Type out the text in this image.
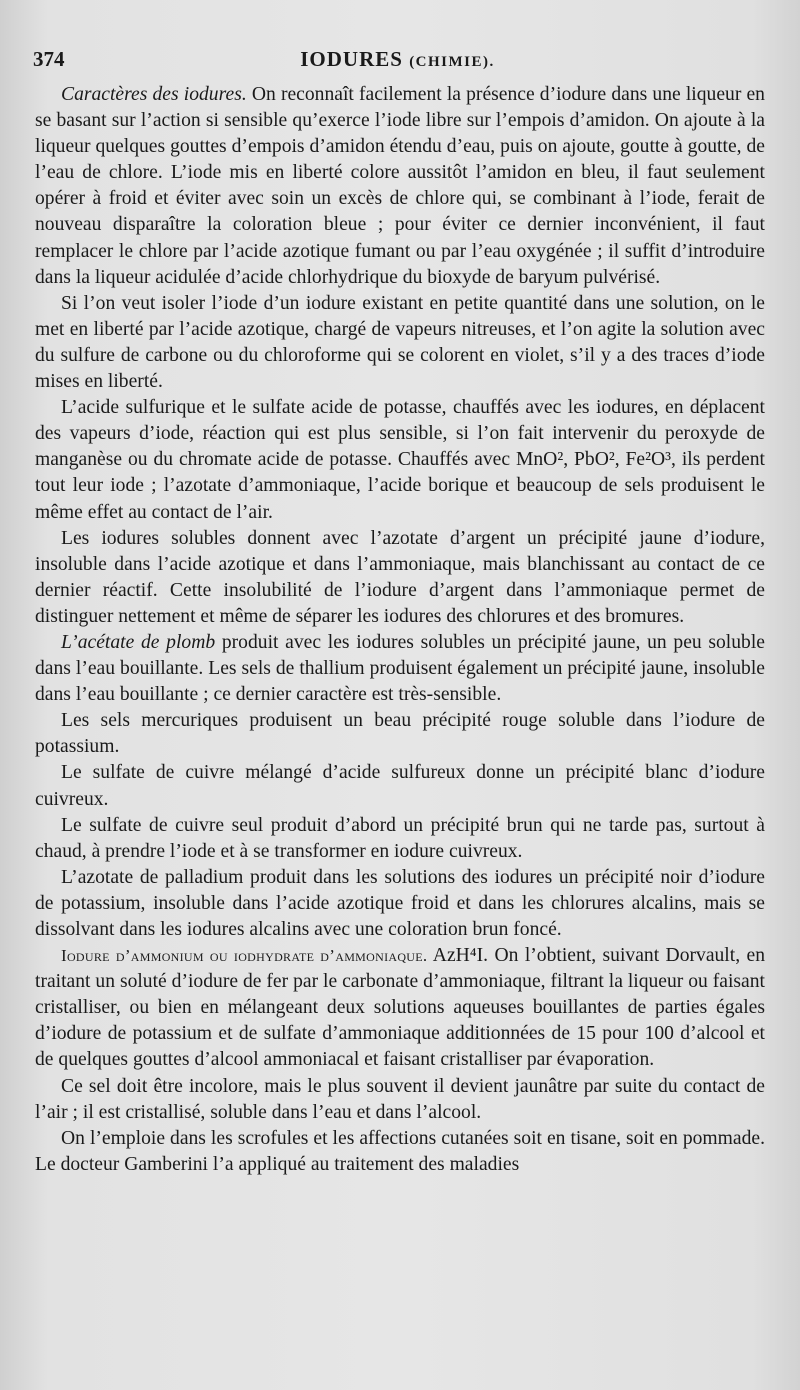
374	IODURES (CHIMIE).

Caractères des iodures. On reconnaît facilement la présence d’iodure dans une liqueur en se basant sur l’action si sensible qu’exerce l’iode libre sur l’empois d’amidon. On ajoute à la liqueur quelques gouttes d’empois d’amidon étendu d’eau, puis on ajoute, goutte à goutte, de l’eau de chlore. L’iode mis en liberté colore aussitôt l’amidon en bleu, il faut seulement opérer à froid et éviter avec soin un excès de chlore qui, se combinant à l’iode, ferait de nouveau disparaître la coloration bleue ; pour éviter ce dernier inconvénient, il faut remplacer le chlore par l’acide azotique fumant ou par l’eau oxygénée ; il suffit d’introduire dans la liqueur acidulée d’acide chlorhydrique du bioxyde de baryum pulvérisé.

Si l’on veut isoler l’iode d’un iodure existant en petite quantité dans une solution, on le met en liberté par l’acide azotique, chargé de vapeurs nitreuses, et l’on agite la solution avec du sulfure de carbone ou du chloroforme qui se colorent en violet, s’il y a des traces d’iode mises en liberté.

L’acide sulfurique et le sulfate acide de potasse, chauffés avec les iodures, en déplacent des vapeurs d’iode, réaction qui est plus sensible, si l’on fait intervenir du peroxyde de manganèse ou du chromate acide de potasse. Chauffés avec MnO², PbO², Fe²O³, ils perdent tout leur iode ; l’azotate d’ammoniaque, l’acide borique et beaucoup de sels produisent le même effet au contact de l’air.

Les iodures solubles donnent avec l’azotate d’argent un précipité jaune d’iodure, insoluble dans l’acide azotique et dans l’ammoniaque, mais blanchissant au contact de ce dernier réactif. Cette insolubilité de l’iodure d’argent dans l’ammoniaque permet de distinguer nettement et même de séparer les iodures des chlorures et des bromures.

L’acétate de plomb produit avec les iodures solubles un précipité jaune, un peu soluble dans l’eau bouillante. Les sels de thallium produisent également un précipité jaune, insoluble dans l’eau bouillante ; ce dernier caractère est très-sensible.

Les sels mercuriques produisent un beau précipité rouge soluble dans l’iodure de potassium.

Le sulfate de cuivre mélangé d’acide sulfureux donne un précipité blanc d’iodure cuivreux.

Le sulfate de cuivre seul produit d’abord un précipité brun qui ne tarde pas, surtout à chaud, à prendre l’iode et à se transformer en iodure cuivreux.

L’azotate de palladium produit dans les solutions des iodures un précipité noir d’iodure de potassium, insoluble dans l’acide azotique froid et dans les chlorures alcalins, mais se dissolvant dans les iodures alcalins avec une coloration brun foncé.

Iodure d’ammonium ou iodhydrate d’ammoniaque. AzH⁴I. On l’obtient, suivant Dorvault, en traitant un soluté d’iodure de fer par le carbonate d’ammoniaque, filtrant la liqueur ou faisant cristalliser, ou bien en mélangeant deux solutions aqueuses bouillantes de parties égales d’iodure de potassium et de sulfate d’ammoniaque additionnées de 15 pour 100 d’alcool et de quelques gouttes d’alcool ammoniacal et faisant cristalliser par évaporation.

Ce sel doit être incolore, mais le plus souvent il devient jaunâtre par suite du contact de l’air ; il est cristallisé, soluble dans l’eau et dans l’alcool.

On l’emploie dans les scrofules et les affections cutanées soit en tisane, soit en pommade. Le docteur Gamberini l’a appliqué au traitement des maladies
